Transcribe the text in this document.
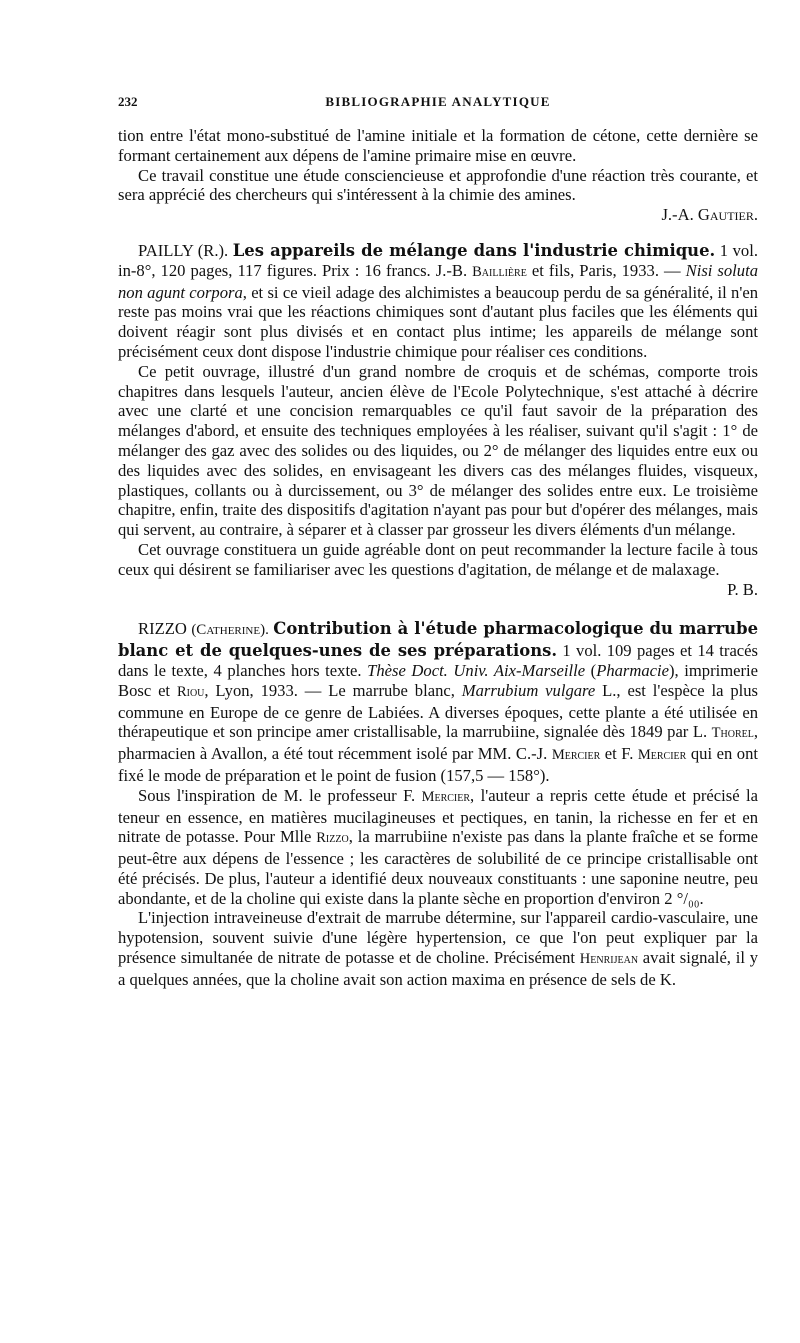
232	BIBLIOGRAPHIE ANALYTIQUE

tion entre l'état mono-substitué de l'amine initiale et la formation de cétone, cette dernière se formant certainement aux dépens de l'amine primaire mise en œuvre.

Ce travail constitue une étude consciencieuse et approfondie d'une réaction très courante, et sera apprécié des chercheurs qui s'intéressent à la chimie des amines.

J.-A. Gautier.

PAILLY (R.). Les appareils de mélange dans l'industrie chimique. 1 vol. in-8°, 120 pages, 117 figures. Prix : 16 francs. J.-B. Baillière et fils, Paris, 1933. — Nisi soluta non agunt corpora, et si ce vieil adage des alchimistes a beaucoup perdu de sa généralité, il n'en reste pas moins vrai que les réactions chimiques sont d'autant plus faciles que les éléments qui doivent réagir sont plus divisés et en contact plus intime; les appareils de mélange sont précisément ceux dont dispose l'industrie chimique pour réaliser ces conditions.

Ce petit ouvrage, illustré d'un grand nombre de croquis et de schémas, comporte trois chapitres dans lesquels l'auteur, ancien élève de l'Ecole Polytechnique, s'est attaché à décrire avec une clarté et une concision remarquables ce qu'il faut savoir de la préparation des mélanges d'abord, et ensuite des techniques employées à les réaliser, suivant qu'il s'agit : 1° de mélanger des gaz avec des solides ou des liquides, ou 2° de mélanger des liquides entre eux ou des liquides avec des solides, en envisageant les divers cas des mélanges fluides, visqueux, plastiques, collants ou à durcissement, ou 3° de mélanger des solides entre eux. Le troisième chapitre, enfin, traite des dispositifs d'agitation n'ayant pas pour but d'opérer des mélanges, mais qui servent, au contraire, à séparer et à classer par grosseur les divers éléments d'un mélange.

Cet ouvrage constituera un guide agréable dont on peut recommander la lecture facile à tous ceux qui désirent se familiariser avec les questions d'agitation, de mélange et de malaxage.

P. B.

RIZZO (Catherine). Contribution à l'étude pharmacologique du marrube blanc et de quelques-unes de ses préparations. 1 vol. 109 pages et 14 tracés dans le texte, 4 planches hors texte. Thèse Doct. Univ. Aix-Marseille (Pharmacie), imprimerie Bosc et Riou, Lyon, 1933. — Le marrube blanc, Marrubium vulgare L., est l'espèce la plus commune en Europe de ce genre de Labiées. A diverses époques, cette plante a été utilisée en thérapeutique et son principe amer cristallisable, la marrubiine, signalée dès 1849 par L. Thorel, pharmacien à Avallon, a été tout récemment isolé par MM. C.-J. Mercier et F. Mercier qui en ont fixé le mode de préparation et le point de fusion (157,5 — 158°).

Sous l'inspiration de M. le professeur F. Mercier, l'auteur a repris cette étude et précisé la teneur en essence, en matières mucilagineuses et pectiques, en tanin, la richesse en fer et en nitrate de potasse. Pour Mlle Rizzo, la marrubiine n'existe pas dans la plante fraîche et se forme peut-être aux dépens de l'essence ; les caractères de solubilité de ce principe cristallisable ont été précisés. De plus, l'auteur a identifié deux nouveaux constituants : une saponine neutre, peu abondante, et de la choline qui existe dans la plante sèche en proportion d'environ 2 °/₀₀.

L'injection intraveineuse d'extrait de marrube détermine, sur l'appareil cardio-vasculaire, une hypotension, souvent suivie d'une légère hypertension, ce que l'on peut expliquer par la présence simultanée de nitrate de potasse et de choline. Précisément Henrijean avait signalé, il y a quelques années, que la choline avait son action maxima en présence de sels de K.
